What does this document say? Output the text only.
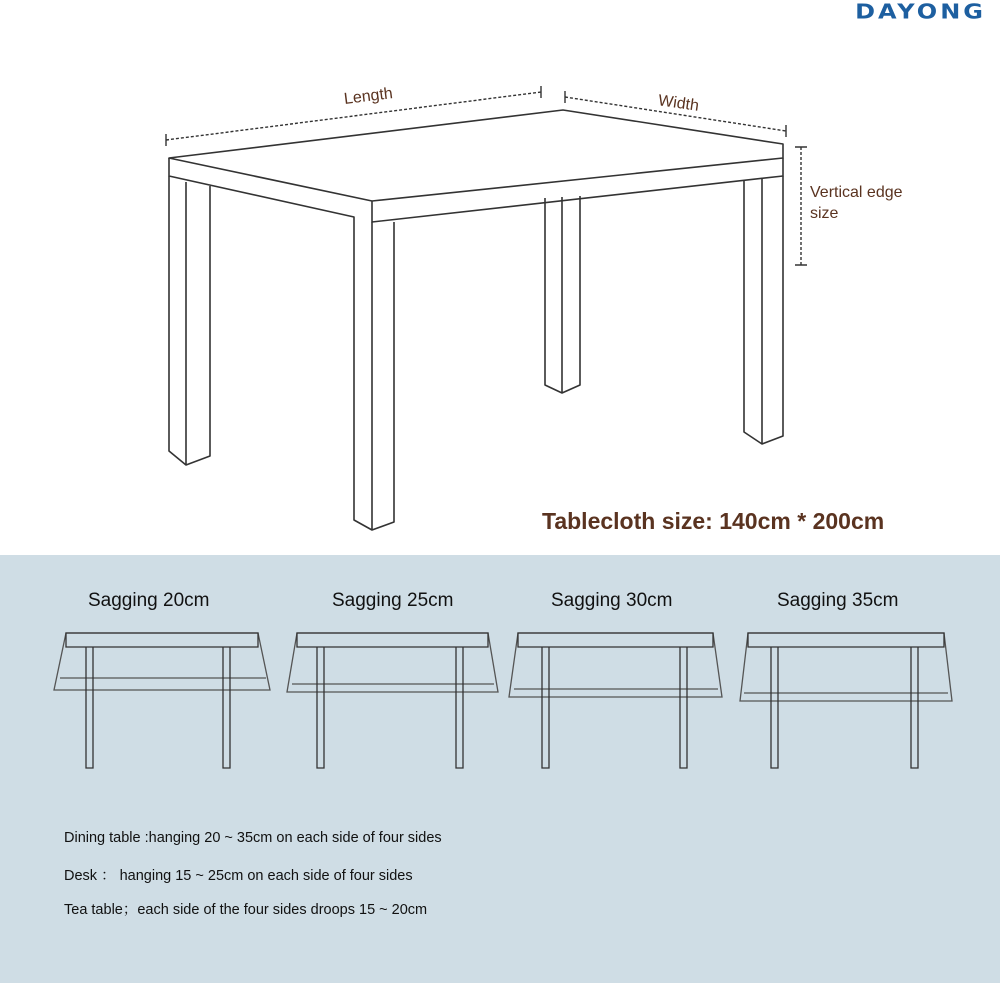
DAYONG
Length	Width
Vertical edge
size
Tablecloth size: 140cm * 200cm
Sagging 20cm	Sagging 25cm	Sagging 30cm	Sagging 35cm
Dining table :hanging 20 ~ 35cm on each side of four sides
Desk ： hanging 15 ~ 25cm on each side of four sides
Tea table；each side of the four sides droops 15 ~ 20cm
